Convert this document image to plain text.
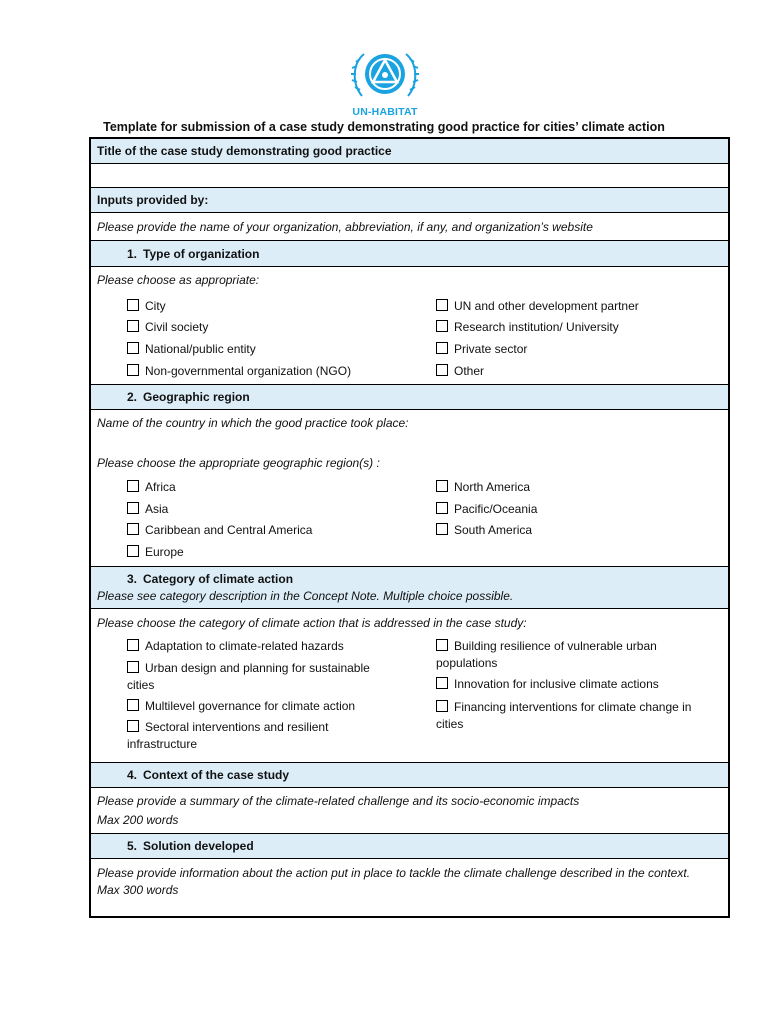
UN-HABITAT
Template for submission of a case study demonstrating good practice for cities’ climate action
Title of the case study demonstrating good practice
Inputs provided by:
Please provide the name of your organization, abbreviation, if any, and organization’s website
1. Type of organization
Please choose as appropriate:
City
Civil society
National/public entity
Non-governmental organization (NGO)
UN and other development partner
Research institution/ University
Private sector
Other
2. Geographic region
Name of the country in which the good practice took place:
Please choose the appropriate geographic region(s) :
Africa
Asia
Caribbean and Central America
Europe
North America
Pacific/Oceania
South America
3. Category of climate action
Please see category description in the Concept Note. Multiple choice possible.
Please choose the category of climate action that is addressed in the case study:
Adaptation to climate-related hazards
Urban design and planning for sustainable cities
Multilevel governance for climate action
Sectoral interventions and resilient infrastructure
Building resilience of vulnerable urban populations
Innovation for inclusive climate actions
Financing interventions for climate change in cities
4. Context of the case study
Please provide a summary of the climate-related challenge and its socio-economic impacts
Max 200 words
5. Solution developed
Please provide information about the action put in place to tackle the climate challenge described in the context.
Max 300 words
